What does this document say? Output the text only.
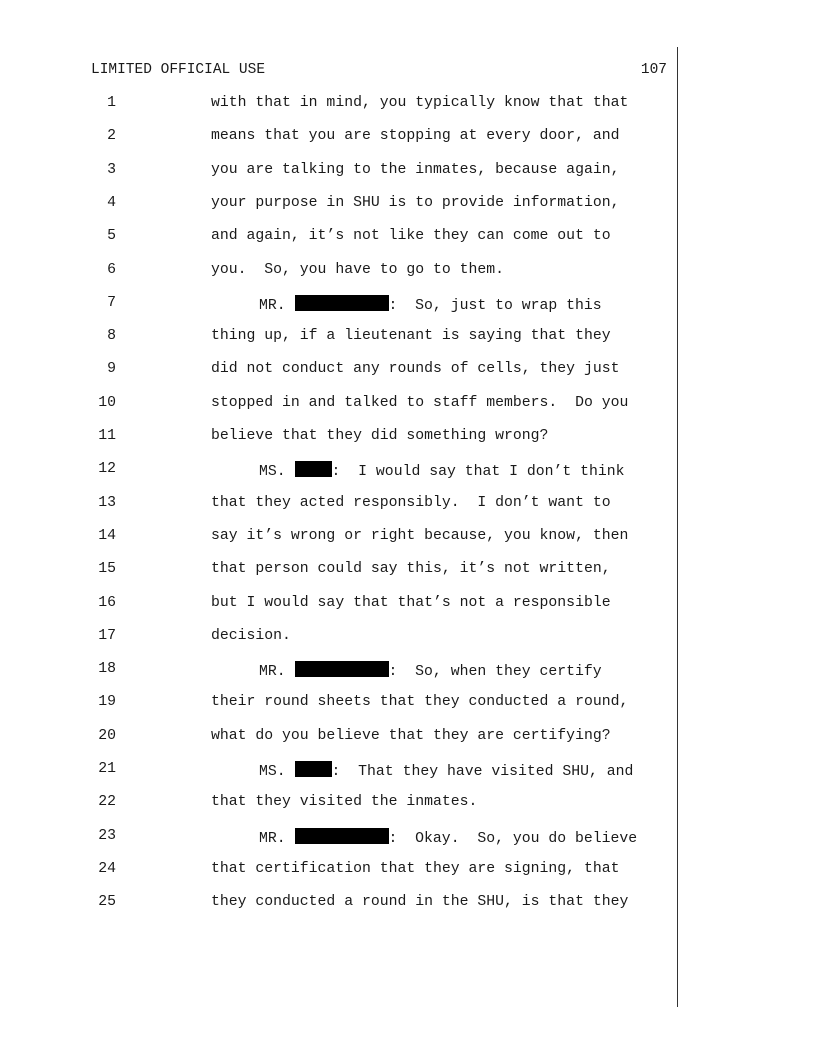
LIMITED OFFICIAL USE	107
1	with that in mind, you typically know that that
2	means that you are stopping at every door, and
3	you are talking to the inmates, because again,
4	your purpose in SHU is to provide information,
5	and again, it’s not like they can come out to
6	you.  So, you have to go to them.
7	MR.	:  So, just to wrap this
8	thing up, if a lieutenant is saying that they
9	did not conduct any rounds of cells, they just
10	stopped in and talked to staff members.  Do you
11	believe that they did something wrong?
12	MS.	:  I would say that I don’t think
13	that they acted responsibly.  I don’t want to
14	say it’s wrong or right because, you know, then
15	that person could say this, it’s not written,
16	but I would say that that’s not a responsible
17	decision.
18	MR.	:  So, when they certify
19	their round sheets that they conducted a round,
20	what do you believe that they are certifying?
21	MS.	:  That they have visited SHU, and
22	that they visited the inmates.
23	MR.	:  Okay.  So, you do believe
24	that certification that they are signing, that
25	they conducted a round in the SHU, is that they
